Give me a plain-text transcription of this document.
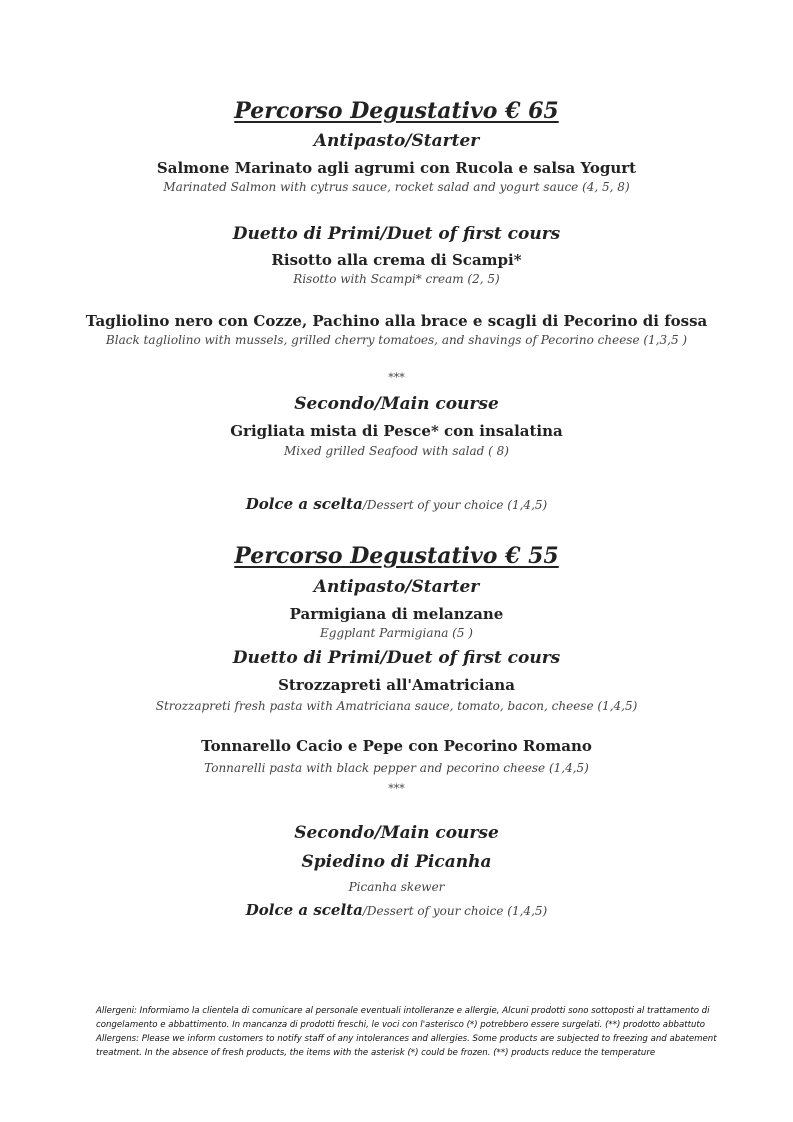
Percorso Degustativo € 65
Antipasto/Starter
Salmone Marinato agli agrumi con Rucola e salsa Yogurt
Marinated Salmon with cytrus sauce, rocket salad and yogurt sauce (4, 5, 8)
Duetto di Primi/Duet of first cours
Risotto alla crema di Scampi*
Risotto with Scampi* cream (2, 5)
Tagliolino nero con Cozze, Pachino alla brace e scagli di Pecorino di fossa
Black tagliolino with mussels, grilled cherry tomatoes, and shavings of Pecorino cheese (1,3,5 )
***
Secondo/Main course
Grigliata mista di Pesce* con insalatina
Mixed grilled Seafood with salad ( 8)
Dolce a scelta/Dessert of your choice (1,4,5)
Percorso Degustativo € 55
Antipasto/Starter
Parmigiana di melanzane
Eggplant Parmigiana (5 )
Duetto di Primi/Duet of first cours
Strozzapreti all'Amatriciana
Strozzapreti fresh pasta with Amatriciana sauce, tomato, bacon, cheese (1,4,5)
Tonnarello Cacio e Pepe con Pecorino Romano
Tonnarelli pasta with black pepper and pecorino cheese (1,4,5)
***
Secondo/Main course
Spiedino di Picanha
Picanha skewer
Dolce a scelta/Dessert of your choice (1,4,5)
Allergeni: Informiamo la clientela di comunicare al personale eventuali intolleranze e allergie, Alcuni prodotti sono sottoposti al trattamento di
congelamento e abbattimento. In mancanza di prodotti freschi, le voci con l'asterisco (*) potrebbero essere surgelati. (**) prodotto abbattuto
Allergens: Please we inform customers to notify staff of any intolerances and allergies. Some products are subjected to freezing and abatement
treatment. In the absence of fresh products, the items with the asterisk (*) could be frozen. (**) products reduce the temperature
